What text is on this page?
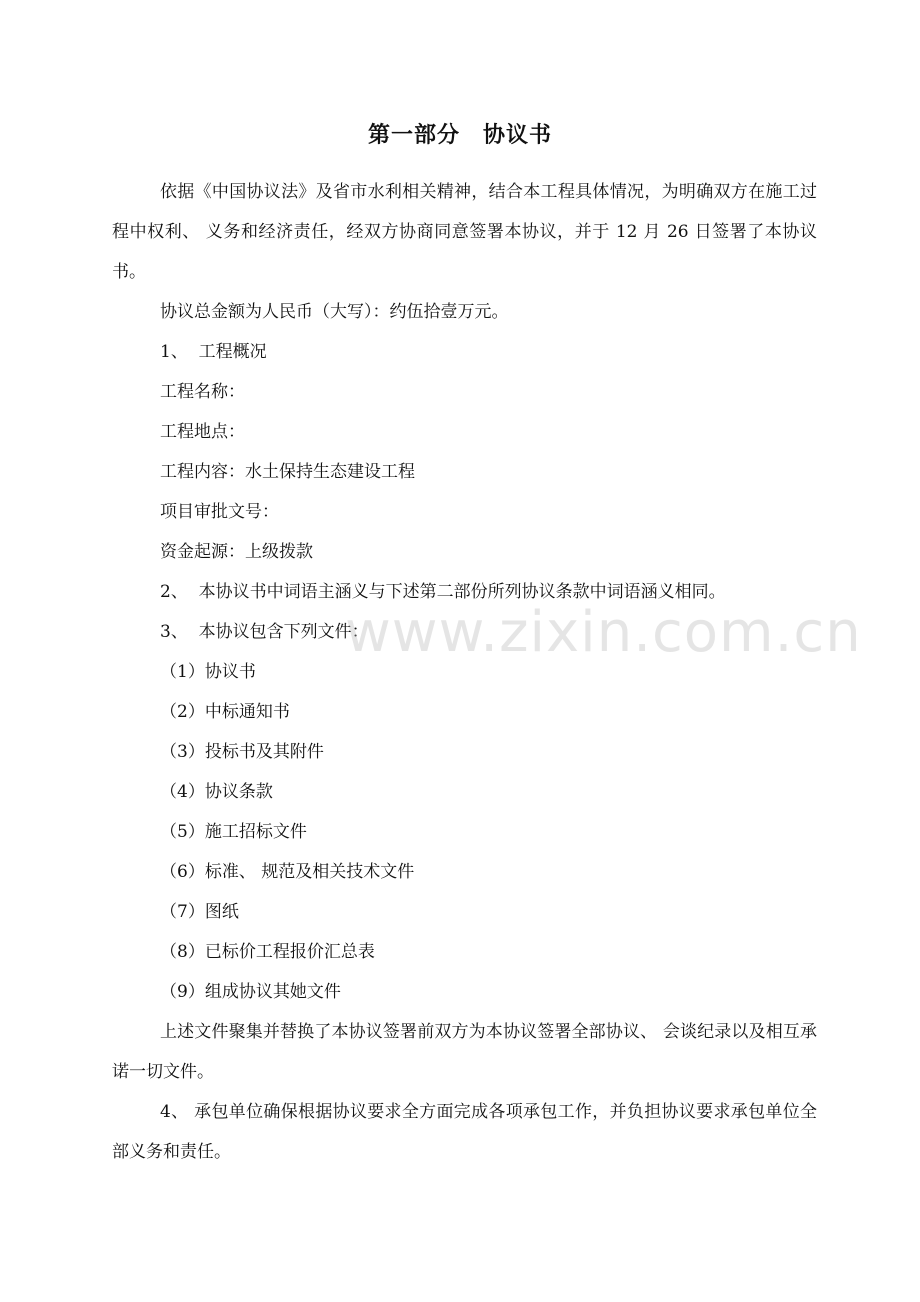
第一部分　协议书

依据《中国协议法》及省市水利相关精神，结合本工程具体情况，为明确双方在施工过程中权利、 义务和经济责任，经双方协商同意签署本协议，并于 12 月 26 日签署了本协议书。

协议总金额为人民币（大写）：约伍拾壹万元。

1、  工程概况

工程名称：

工程地点：

工程内容：水土保持生态建设工程

项目审批文号：

资金起源：上级拨款

2、  本协议书中词语主涵义与下述第二部份所列协议条款中词语涵义相同。

3、  本协议包含下列文件：

（1）协议书

（2）中标通知书

（3）投标书及其附件

（4）协议条款

（5）施工招标文件

（6）标准、 规范及相关技术文件

（7）图纸

（8）已标价工程报价汇总表

（9）组成协议其她文件

上述文件聚集并替换了本协议签署前双方为本协议签署全部协议、 会谈纪录以及相互承诺一切文件。

4、 承包单位确保根据协议要求全方面完成各项承包工作，并负担协议要求承包单位全部义务和责任。

www.zixin.com.cn
